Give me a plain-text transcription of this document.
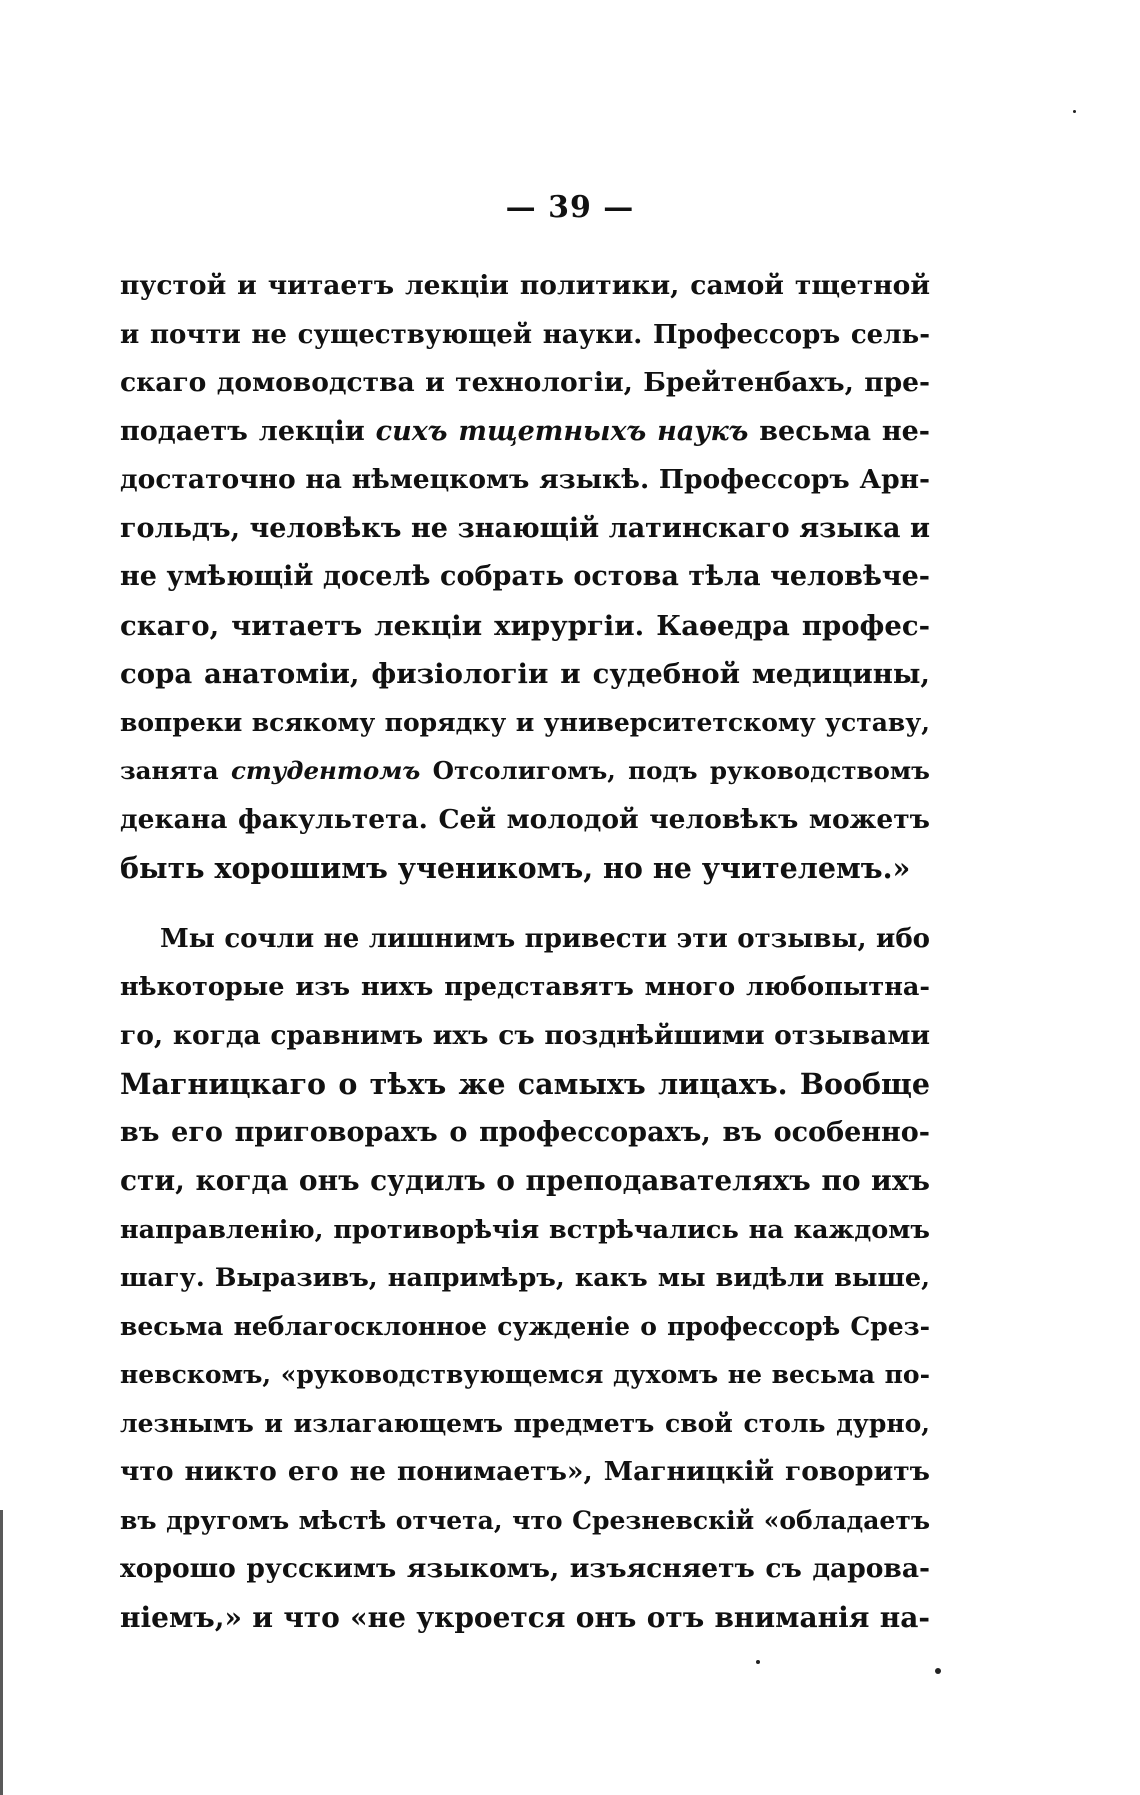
— 39 —
пустой и читаетъ лекцiи политики, самой тщетной
и почти не существующей науки. Профессоръ сель-
скаго домоводства и технологiи, Брейтенбахъ, пре-
подаетъ лекцiи сихъ тщетныхъ наукъ весьма не-
достаточно на нѣмецкомъ языкѣ. Профессоръ Арн-
гольдъ, человѣкъ не знающiй латинскаго языка и
не умѣющiй доселѣ собрать остова тѣла человѣче-
скаго, читаетъ лекцiи хирургiи. Каѳедра профес-
сора анатомiи, физiологiи и судебной медицины,
вопреки всякому порядку и университетскому уставу,
занята студентомъ Отсолигомъ, подъ руководствомъ
декана факультета. Сей молодой человѣкъ можетъ
быть хорошимъ ученикомъ, но не учителемъ.»
Мы сочли не лишнимъ привести эти отзывы, ибо
нѣкоторые изъ нихъ представятъ много любопытна-
го, когда сравнимъ ихъ съ позднѣйшими отзывами
Магницкаго о тѣхъ же самыхъ лицахъ. Вообще
въ его приговорахъ о профессорахъ, въ особенно-
сти, когда онъ судилъ о преподавателяхъ по ихъ
направленiю, противорѣчiя встрѣчались на каждомъ
шагу. Выразивъ, напримѣръ, какъ мы видѣли выше,
весьма неблагосклонное сужденiе о профессорѣ Срез-
невскомъ, «руководствующемся духомъ не весьма по-
лезнымъ и излагающемъ предметъ свой столь дурно,
что никто его не понимаетъ», Магницкiй говоритъ
въ другомъ мѣстѣ отчета, что Срезневскiй «обладаетъ
хорошо русскимъ языкомъ, изъясняетъ съ дарова-
нiемъ,» и что «не укроется онъ отъ вниманiя на-
